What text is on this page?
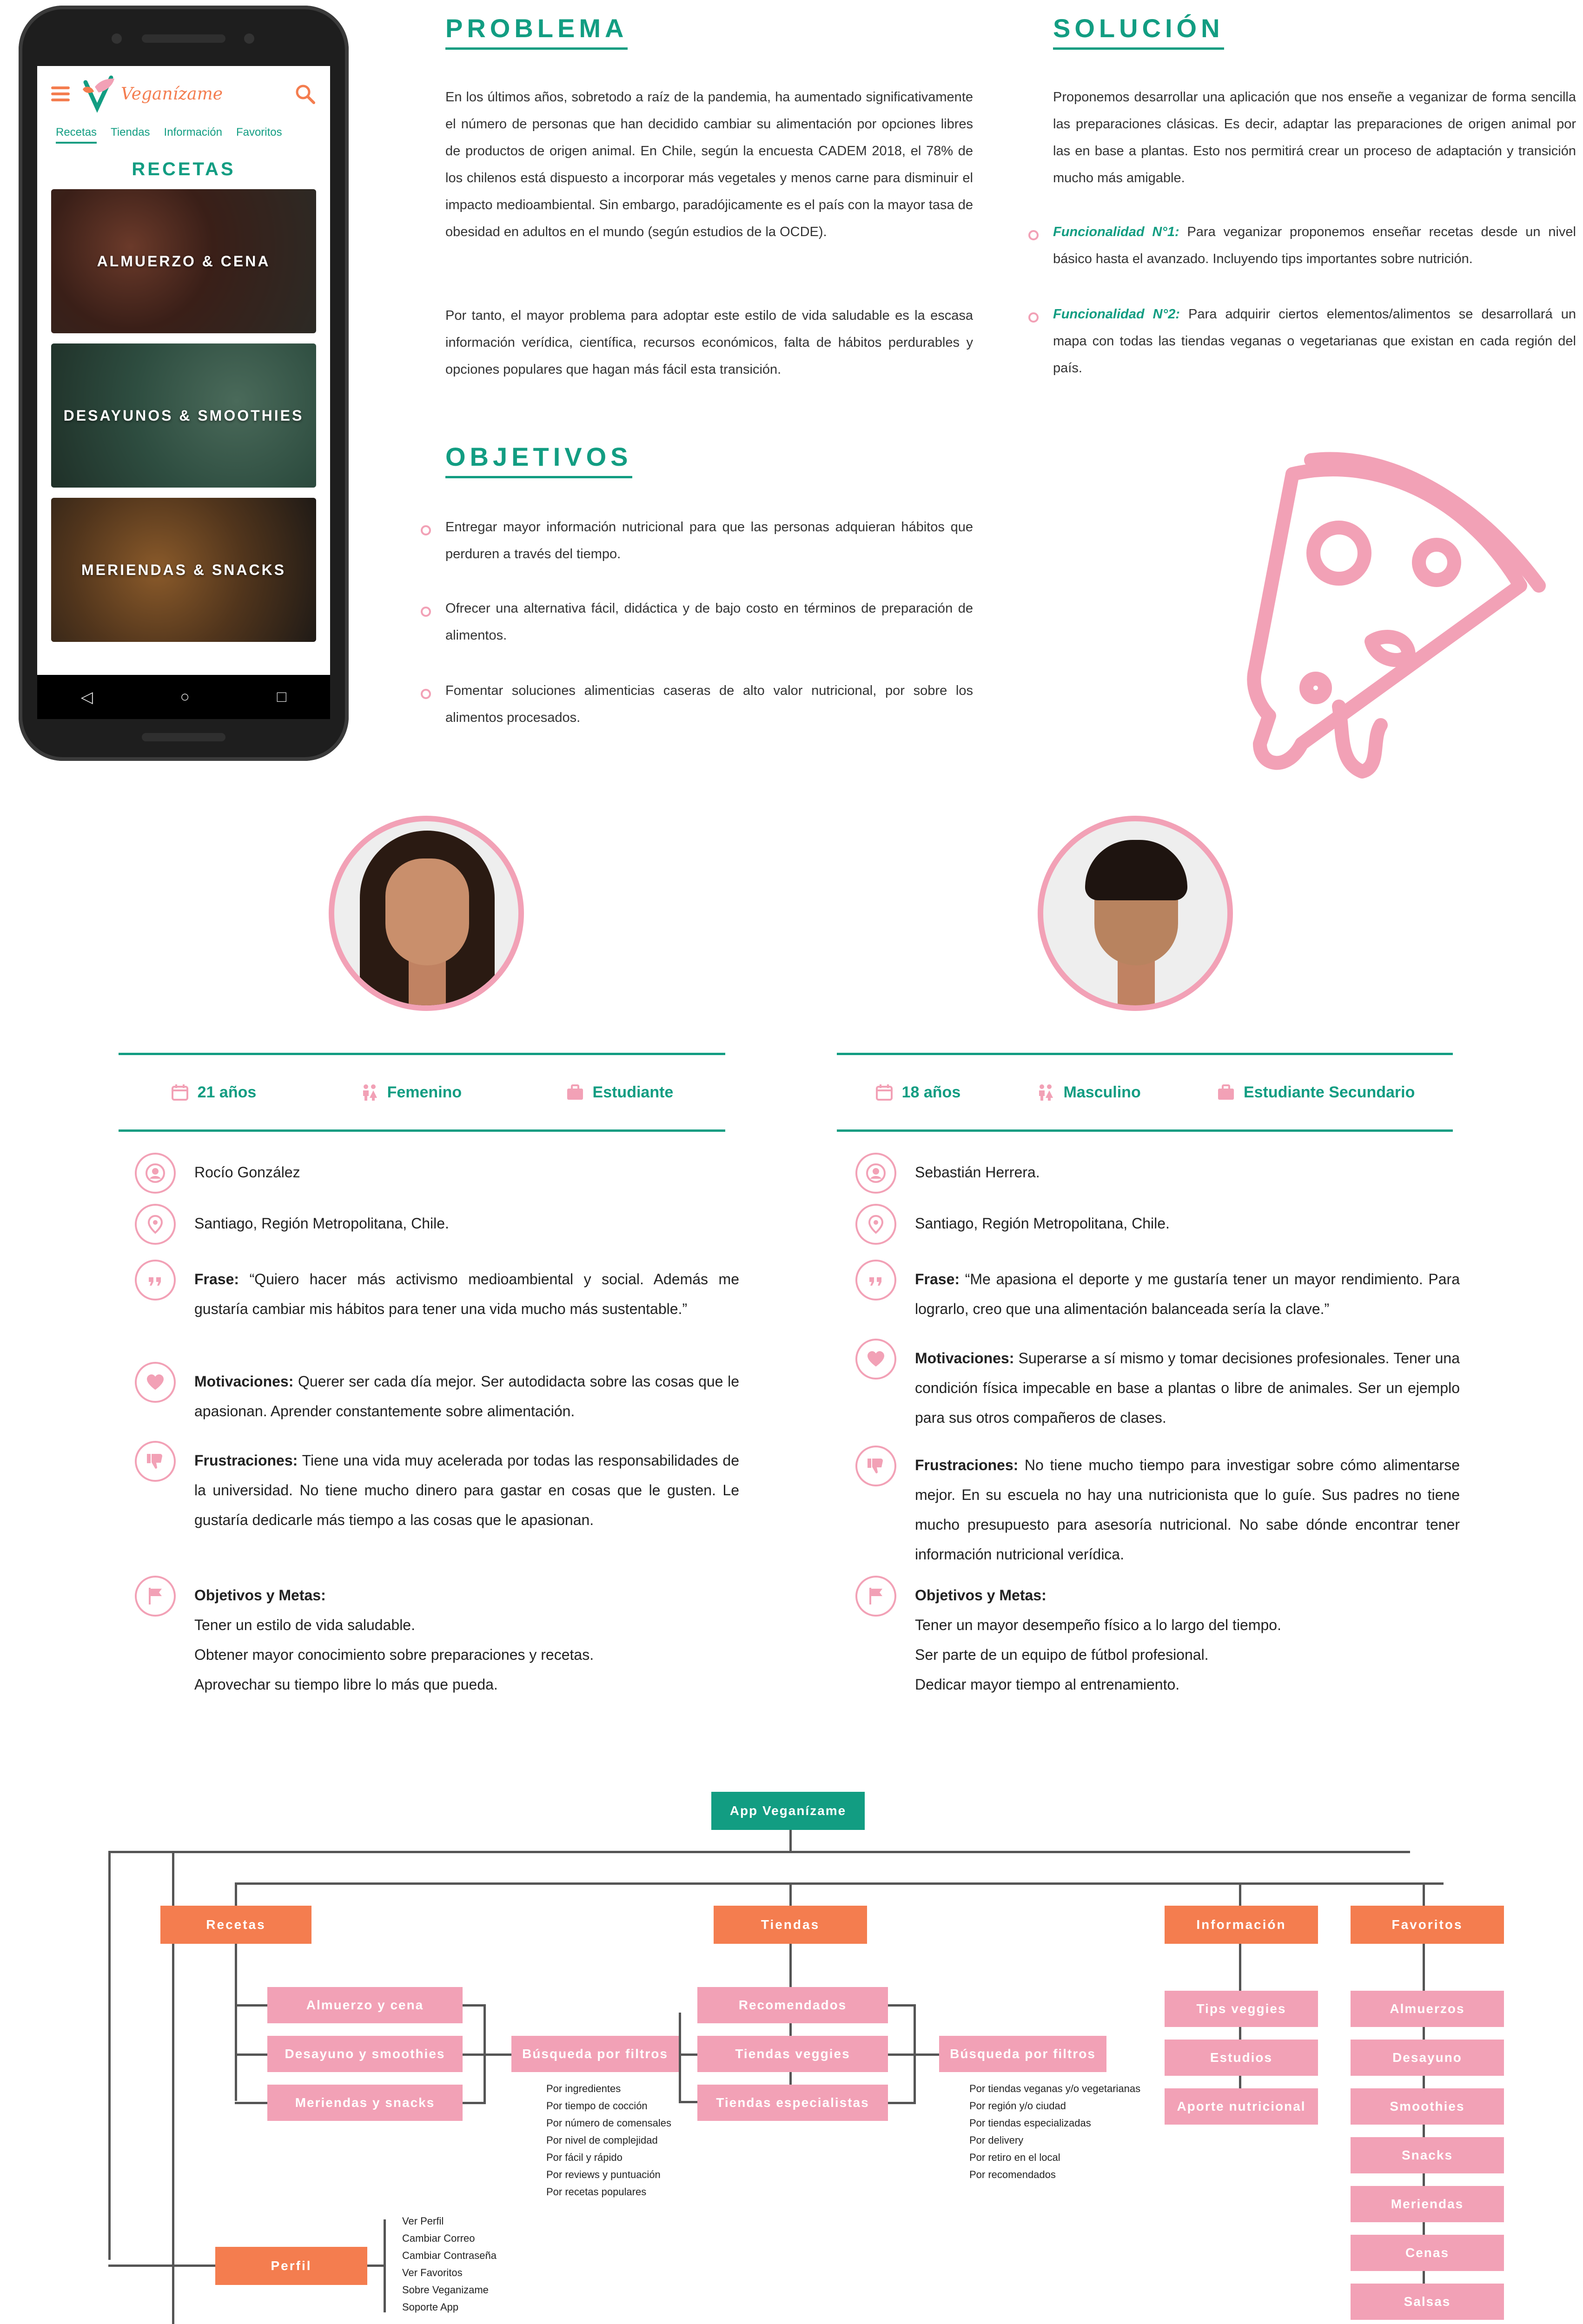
Veganízame
Recetas Tiendas Información Favoritos
RECETAS
ALMUERZO & CENA
DESAYUNOS & SMOOTHIES
MERIENDAS & SNACKS
◁	○	□
PROBLEMA

En los últimos años, sobretodo a raíz de la pandemia, ha aumentado significativamente el número de personas que han decidido cambiar su alimentación por opciones libres de productos de origen animal. En Chile, según la encuesta CADEM 2018, el 78% de los chilenos está dispuesto a incorporar más vegetales y menos carne para disminuir el impacto medioambiental. Sin embargo, paradójicamente es el país con la mayor tasa de obesidad en adultos en el mundo (según estudios de la OCDE).

Por tanto, el mayor problema para adoptar este estilo de vida saludable es la escasa información verídica, científica, recursos económicos, falta de hábitos perdurables y opciones populares que hagan más fácil esta transición.

SOLUCIÓN

Proponemos desarrollar una aplicación que nos enseñe a veganizar de forma sencilla las preparaciones clásicas. Es decir, adaptar las preparaciones de origen animal por las en base a plantas. Esto nos permitirá crear un proceso de adaptación y transición mucho más amigable.

Funcionalidad N°1: Para veganizar proponemos enseñar recetas desde un nivel básico hasta el avanzado. Incluyendo tips importantes sobre nutrición.

Funcionalidad N°2: Para adquirir ciertos elementos/alimentos se desarrollará un mapa con todas las tiendas veganas o vegetarianas que existan en cada región del país.

OBJETIVOS

Entregar mayor información nutricional para que las personas adquieran hábitos que perduren a través del tiempo.

Ofrecer una alternativa fácil, didáctica y de bajo costo en términos de preparación de alimentos.

Fomentar soluciones alimenticias caseras de alto valor nutricional, por sobre los alimentos procesados.

21 años	Femenino	Estudiante	18 años	Masculino	Estudiante Secundario

Rocío González

Santiago, Región Metropolitana, Chile.

Frase: “Quiero hacer más activismo medioambiental y social. Además me gustaría cambiar mis hábitos para tener una vida mucho más sustentable.”

Motivaciones: Querer ser cada día mejor. Ser autodidacta sobre las cosas que le apasionan. Aprender constantemente sobre alimentación.

Frustraciones: Tiene una vida muy acelerada por todas las responsabilidades de la universidad. No tiene mucho dinero para gastar en cosas que le gusten. Le gustaría dedicarle más tiempo a las cosas que le apasionan.

Objetivos y Metas:
Tener un estilo de vida saludable.
Obtener mayor conocimiento sobre preparaciones y recetas.
Aprovechar su tiempo libre lo más que pueda.

Sebastián Herrera.

Santiago, Región Metropolitana, Chile.

Frase: “Me apasiona el deporte y me gustaría tener un mayor rendimiento. Para lograrlo, creo que una alimentación balanceada sería la clave.”

Motivaciones: Superarse a sí mismo y tomar decisiones profesionales. Tener una condición física impecable en base a plantas o libre de animales. Ser un ejemplo para sus otros compañeros de clases.

Frustraciones: No tiene mucho tiempo para investigar sobre cómo alimentarse mejor. En su escuela no hay una nutricionista que lo guíe. Sus padres no tiene mucho presupuesto para asesoría nutricional. No sabe dónde encontrar tener información nutricional verídica.

Objetivos y Metas:
Tener un mayor desempeño físico a lo largo del tiempo.
Ser parte de un equipo de fútbol profesional.
Dedicar mayor tiempo al entrenamiento.
App Veganízame
Recetas	Tiendas	Información	Favoritos
Almuerzo y cena
Desayuno y smoothies
Meriendas y snacks
Búsqueda por filtros
Por ingredientes
Por tiempo de cocción
Por número de comensales
Por nivel de complejidad
Por fácil y rápido
Por reviews y puntuación
Por recetas populares
Recomendados
Tiendas veggies
Tiendas especialistas
Búsqueda por filtros
Por tiendas veganas y/o vegetarianas
Por región y/o ciudad
Por tiendas especializadas
Por delivery
Por retiro en el local
Por recomendados
Tips veggies
Estudios
Aporte nutricional
Almuerzos
Desayuno
Smoothies
Snacks
Meriendas
Cenas
Salsas
Perfil
Ver Perfil
Cambiar Correo
Cambiar Contraseña
Ver Favoritos
Sobre Veganizame
Soporte App
